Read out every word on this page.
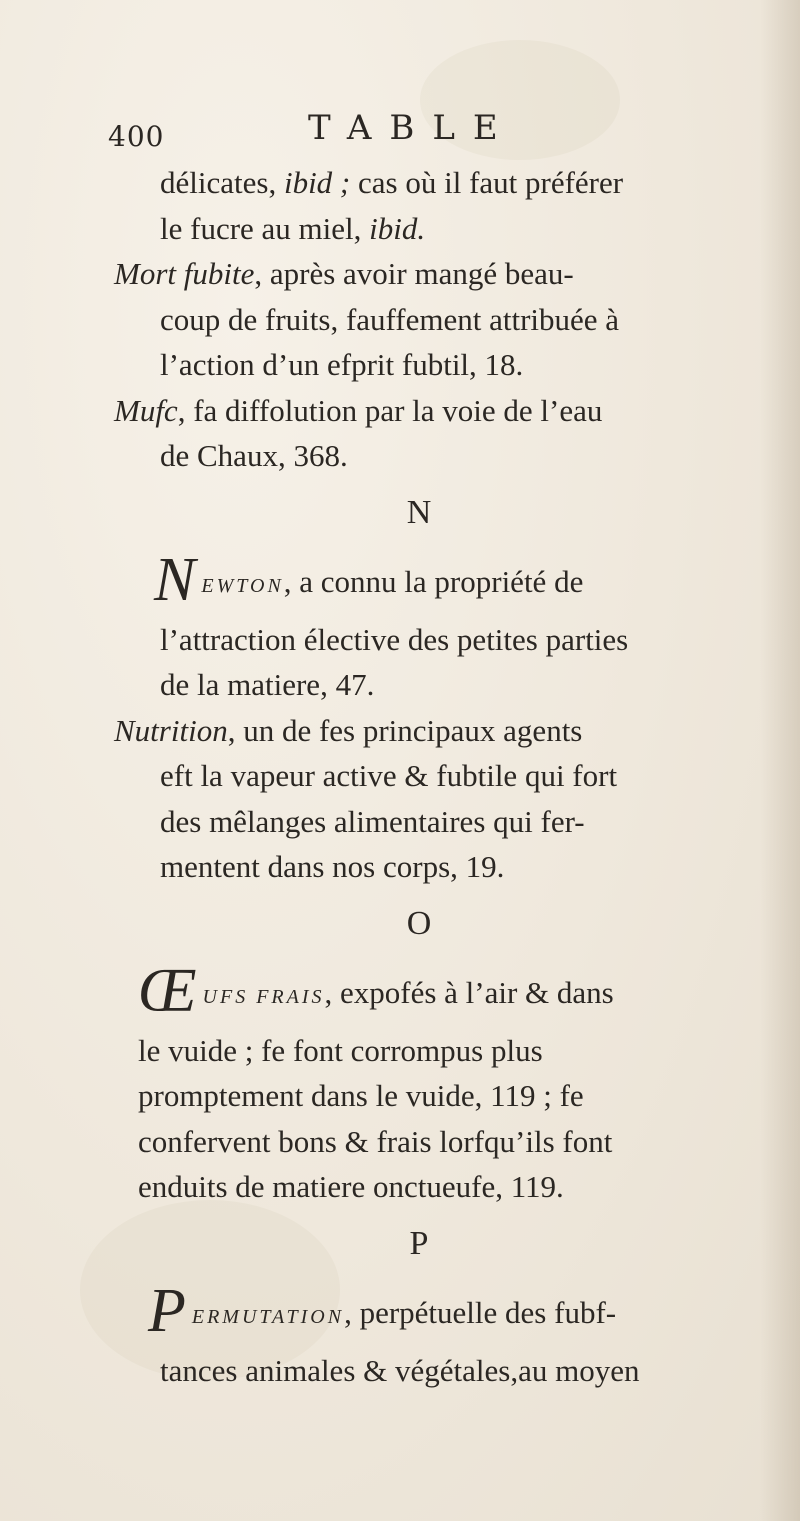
400	TABLE
délicates, ibid ; cas où il faut préférer
le fucre au miel, ibid.
Mort fubite, après avoir mangé beau-
coup de fruits, fauffement attribuée à
l’action d’un efprit fubtil, 18.
Mufc, fa diffolution par la voie de l’eau
de Chaux, 368.
N
NEWTON, a connu la propriété de
l’attraction élective des petites parties
de la matiere, 47.
Nutrition, un de fes principaux agents
eft la vapeur active & fubtile qui fort
des mêlanges alimentaires qui fer-
mentent dans nos corps, 19.
O
ŒUFS FRAIS, expofés à l’air & dans
le vuide ; fe font corrompus plus
promptement dans le vuide, 119 ; fe
confervent bons & frais lorfqu’ils font
enduits de matiere onctueufe, 119.
P
PERMUTATION, perpétuelle des fubf-
tances animales & végétales,au moyen
